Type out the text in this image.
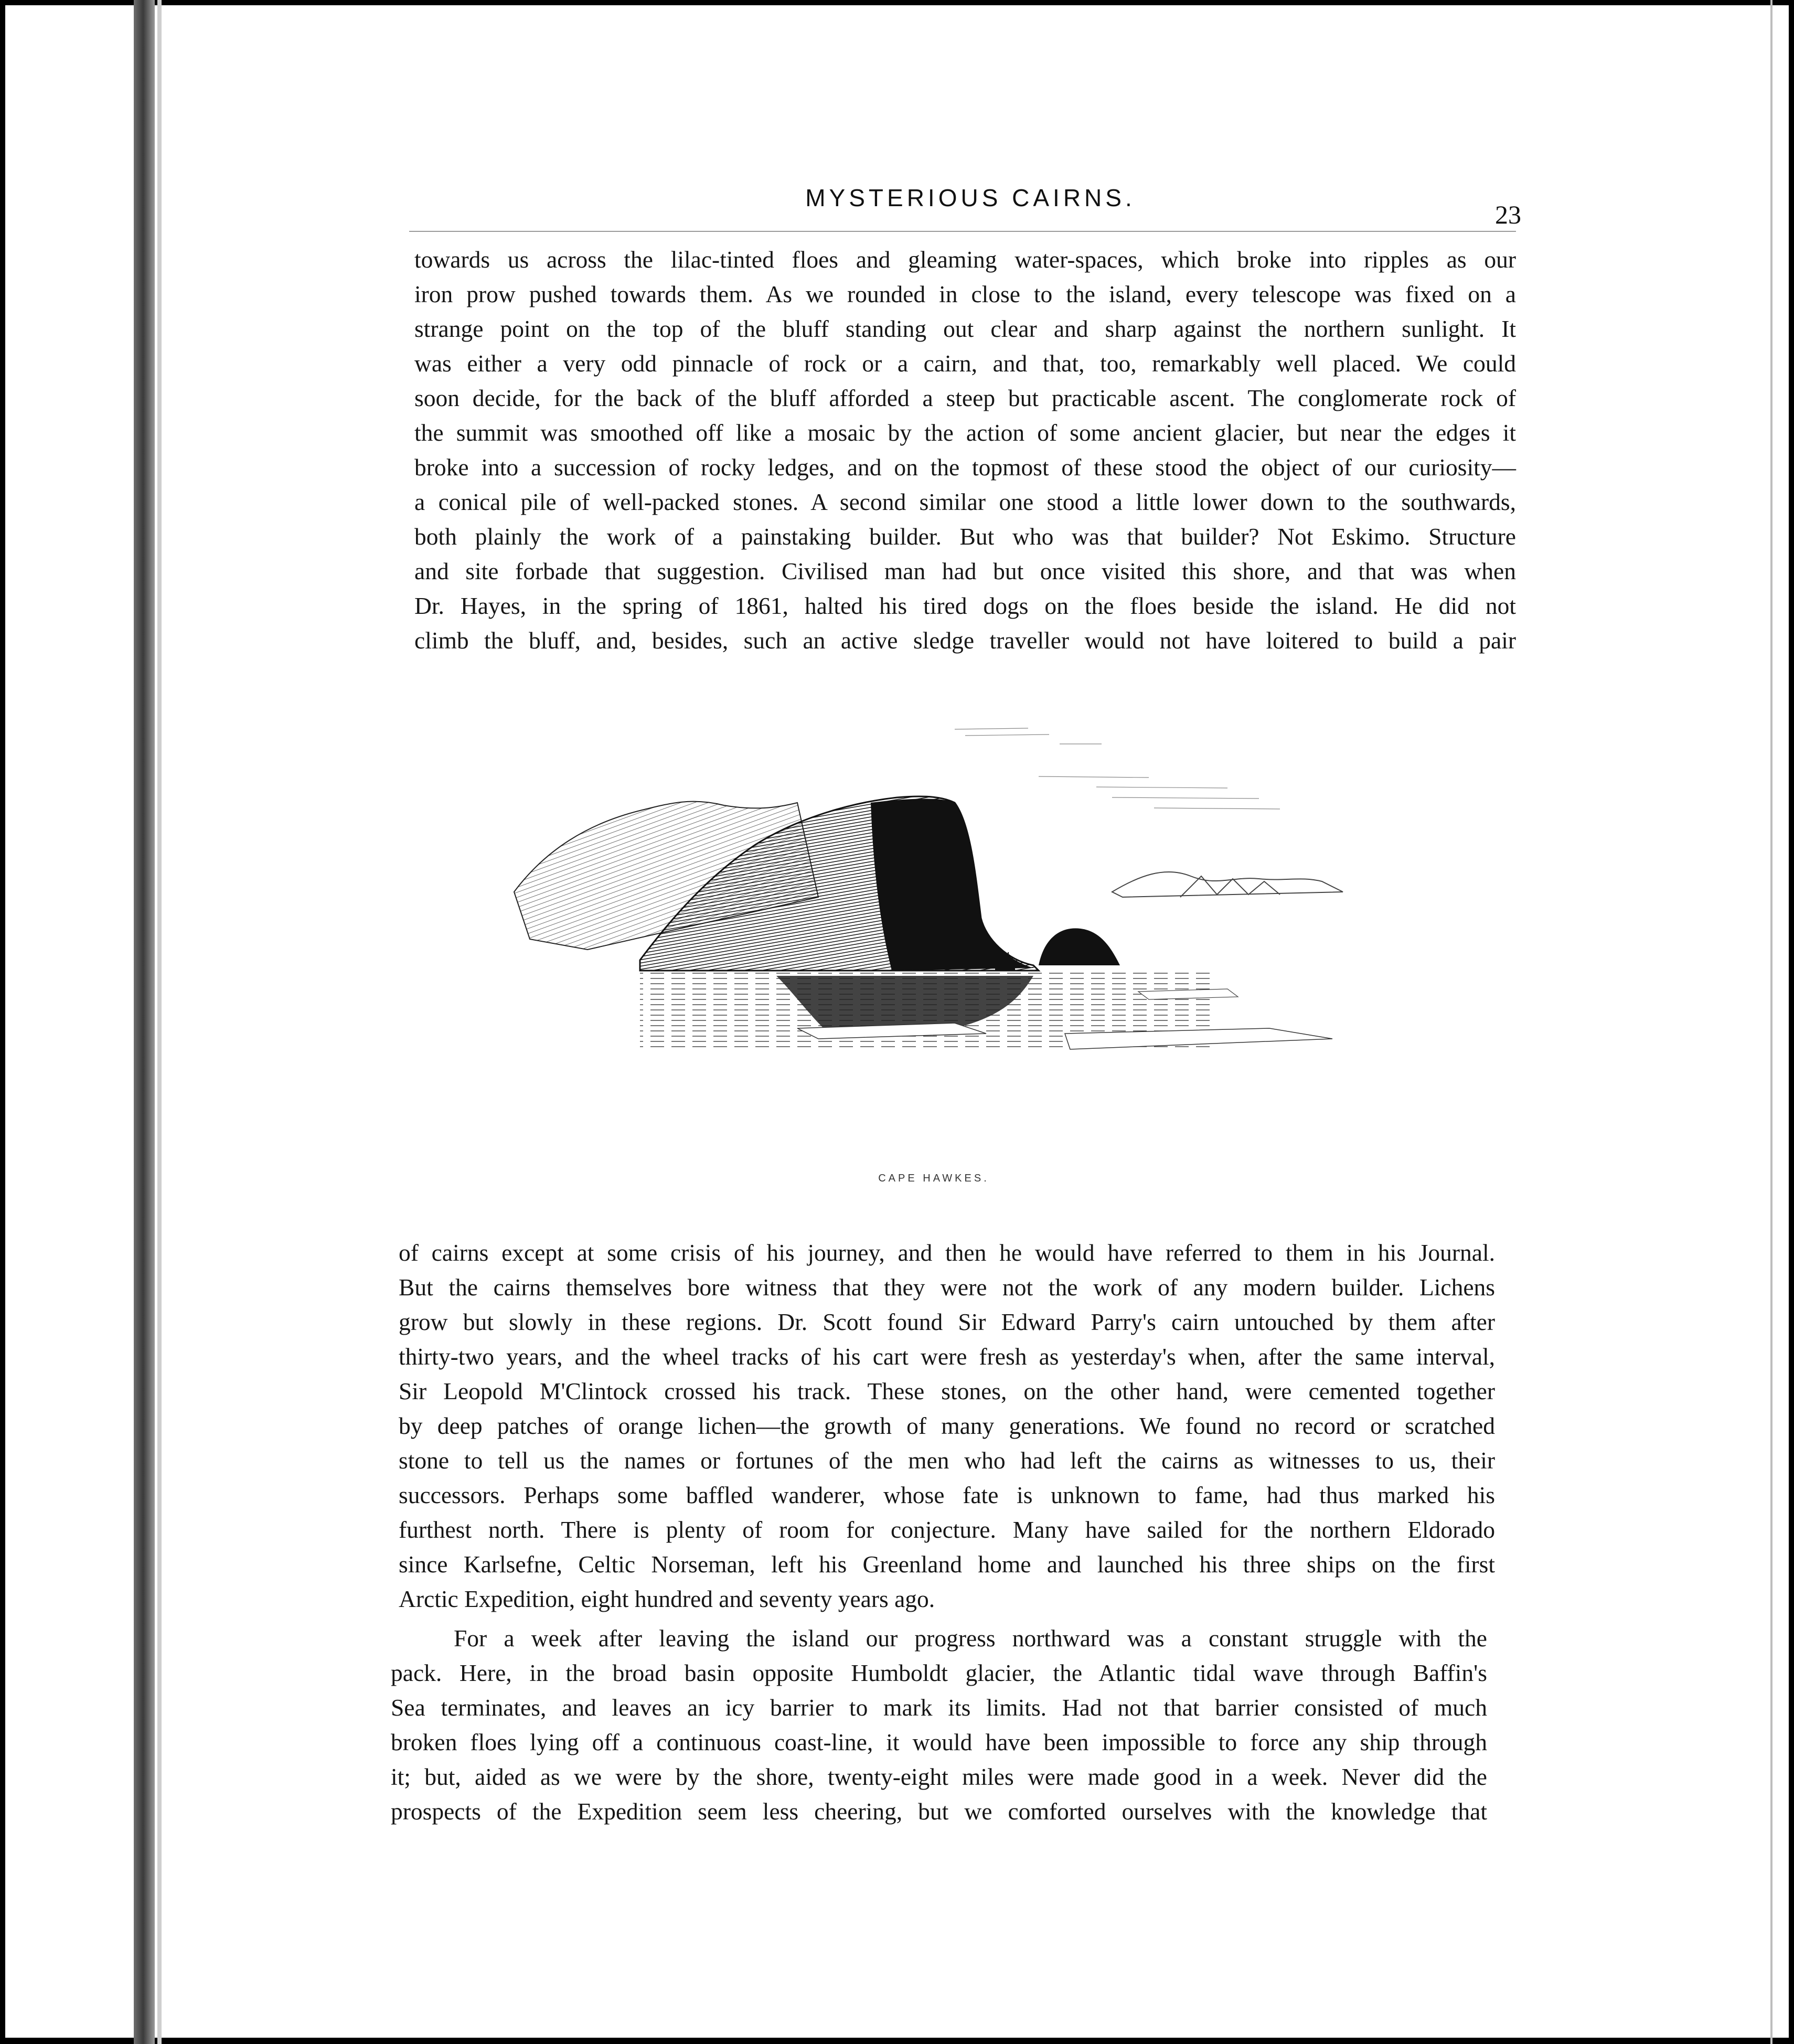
MYSTERIOUS CAIRNS.
23
towards us across the lilac-tinted floes and gleaming water-spaces, which broke into ripples as our
iron prow pushed towards them. As we rounded in close to the island, every telescope was fixed on a
strange point on the top of the bluff standing out clear and sharp against the northern sunlight. It
was either a very odd pinnacle of rock or a cairn, and that, too, remarkably well placed. We could
soon decide, for the back of the bluff afforded a steep but practicable ascent. The conglomerate rock of
the summit was smoothed off like a mosaic by the action of some ancient glacier, but near the edges it
broke into a succession of rocky ledges, and on the topmost of these stood the object of our curiosity—
a conical pile of well-packed stones. A second similar one stood a little lower down to the southwards,
both plainly the work of a painstaking builder. But who was that builder? Not Eskimo. Structure
and site forbade that suggestion. Civilised man had but once visited this shore, and that was when
Dr. Hayes, in the spring of 1861, halted his tired dogs on the floes beside the island. He did not
climb the bluff, and, besides, such an active sledge traveller would not have loitered to build a pair
CAPE HAWKES.
of cairns except at some crisis of his journey, and then he would have referred to them in his Journal.
But the cairns themselves bore witness that they were not the work of any modern builder. Lichens
grow but slowly in these regions. Dr. Scott found Sir Edward Parry's cairn untouched by them after
thirty-two years, and the wheel tracks of his cart were fresh as yesterday's when, after the same interval,
Sir Leopold M'Clintock crossed his track. These stones, on the other hand, were cemented together
by deep patches of orange lichen—the growth of many generations. We found no record or scratched
stone to tell us the names or fortunes of the men who had left the cairns as witnesses to us, their
successors. Perhaps some baffled wanderer, whose fate is unknown to fame, had thus marked his
furthest north. There is plenty of room for conjecture. Many have sailed for the northern Eldorado
since Karlsefne, Celtic Norseman, left his Greenland home and launched his three ships on the first
Arctic Expedition, eight hundred and seventy years ago.
For a week after leaving the island our progress northward was a constant struggle with the
pack. Here, in the broad basin opposite Humboldt glacier, the Atlantic tidal wave through Baffin's
Sea terminates, and leaves an icy barrier to mark its limits. Had not that barrier consisted of much
broken floes lying off a continuous coast-line, it would have been impossible to force any ship through
it; but, aided as we were by the shore, twenty-eight miles were made good in a week. Never did the
prospects of the Expedition seem less cheering, but we comforted ourselves with the knowledge that
